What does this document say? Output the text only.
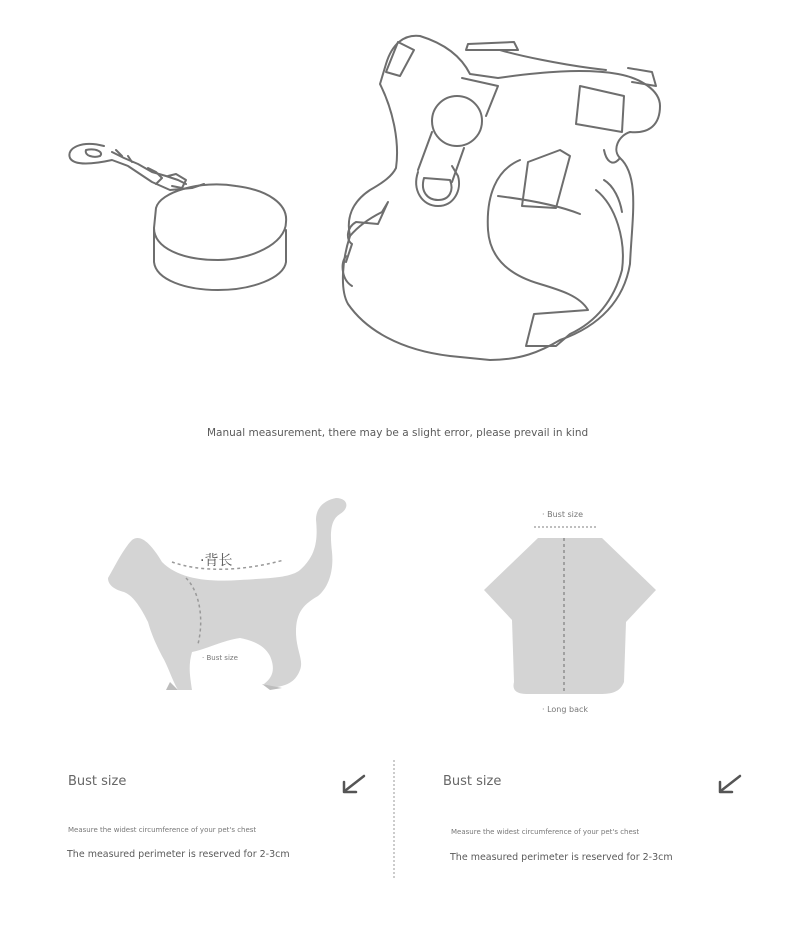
Manual measurement, there may be a slight error, please prevail in kind
·背长
· Bust size
· Bust size
· Long back
Bust size
Measure the widest circumference of your pet's chest
The measured perimeter is reserved for 2-3cm
Bust size
Measure the widest circumference of your pet's chest
The measured perimeter is reserved for 2-3cm
